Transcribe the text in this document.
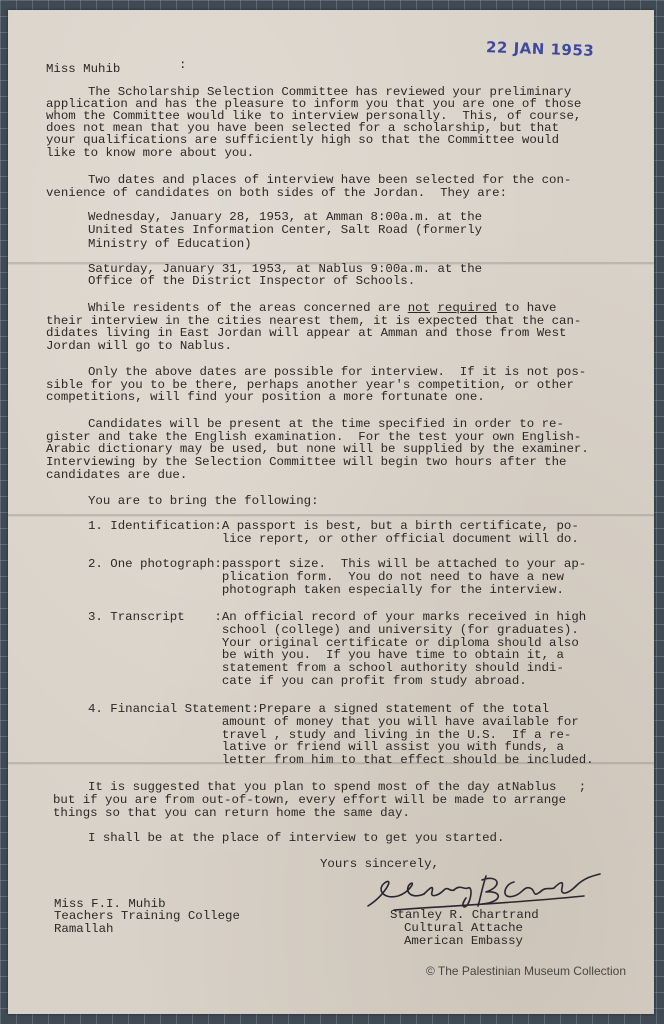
22 JAN 1953
Miss Muhib	:
The Scholarship Selection Committee has reviewed your preliminary
application and has the pleasure to inform you that you are one of those
whom the Committee would like to interview personally.  This, of course,
does not mean that you have been selected for a scholarship, but that
your qualifications are sufficiently high so that the Committee would
like to know more about you.
Two dates and places of interview have been selected for the con-
venience of candidates on both sides of the Jordan.  They are:
Wednesday, January 28, 1953, at Amman 8:00a.m. at the
United States Information Center, Salt Road (formerly
Ministry of Education)
Saturday, January 31, 1953, at Nablus 9:00a.m. at the
Office of the District Inspector of Schools.
While residents of the areas concerned are not required to have
their interview in the cities nearest them, it is expected that the can-
didates living in East Jordan will appear at Amman and those from West
Jordan will go to Nablus.
Only the above dates are possible for interview.  If it is not pos-
sible for you to be there, perhaps another year's competition, or other
competitions, will find your position a more fortunate one.
Candidates will be present at the time specified in order to re-
gister and take the English examination.  For the test your own English-
Arabic dictionary may be used, but none will be supplied by the examiner.
Interviewing by the Selection Committee will begin two hours after the
candidates are due.
You are to bring the following:
1. Identification:A passport is best, but a birth certificate, po-
lice report, or other official document will do.
2. One photograph:passport size.  This will be attached to your ap-
plication form.  You do not need to have a new
photograph taken especially for the interview.
3. Transcript    :An official record of your marks received in high
school (college) and university (for graduates).
Your original certificate or diploma should also
be with you.  If you have time to obtain it, a
statement from a school authority should indi-
cate if you can profit from study abroad.
4. Financial Statement:Prepare a signed statement of the total
amount of money that you will have available for
travel , study and living in the U.S.  If a re-
lative or friend will assist you with funds, a
letter from him to that effect should be included.
It is suggested that you plan to spend most of the day atNablus   ;
but if you are from out-of-town, every effort will be made to arrange
things so that you can return home the same day.
I shall be at the place of interview to get you started.
Yours sincerely,
Miss F.I. Muhib
Teachers Training College
Ramallah
Stanley R. Chartrand
Cultural Attache
American Embassy
© The Palestinian Museum Collection
